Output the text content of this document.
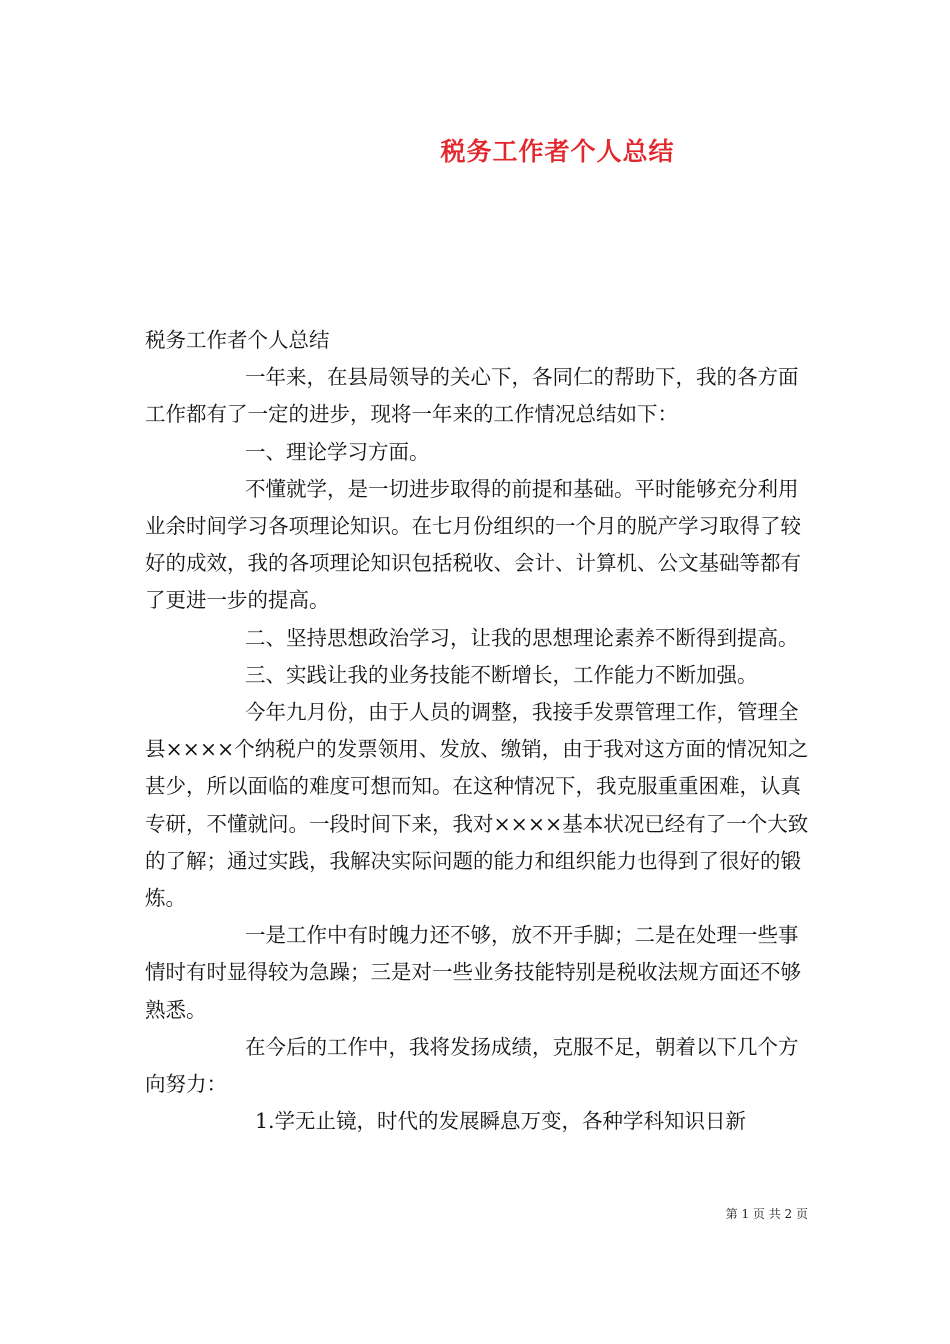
税务工作者个人总结

税务工作者个人总结

一年来，在县局领导的关心下，各同仁的帮助下，我的各方面工作都有了一定的进步，现将一年来的工作情况总结如下：

一、理论学习方面。

不懂就学，是一切进步取得的前提和基础。平时能够充分利用业余时间学习各项理论知识。在七月份组织的一个月的脱产学习取得了较好的成效，我的各项理论知识包括税收、会计、计算机、公文基础等都有了更进一步的提高。

二、坚持思想政治学习，让我的思想理论素养不断得到提高。

三、实践让我的业务技能不断增长，工作能力不断加强。

今年九月份，由于人员的调整，我接手发票管理工作，管理全县××××个纳税户的发票领用、发放、缴销，由于我对这方面的情况知之甚少，所以面临的难度可想而知。在这种情况下，我克服重重困难，认真专研，不懂就问。一段时间下来，我对××××基本状况已经有了一个大致的了解；通过实践，我解决实际问题的能力和组织能力也得到了很好的锻炼。

一是工作中有时魄力还不够，放不开手脚；二是在处理一些事情时有时显得较为急躁；三是对一些业务技能特别是税收法规方面还不够熟悉。

在今后的工作中，我将发扬成绩，克服不足，朝着以下几个方向努力：

1.学无止镜，时代的发展瞬息万变，各种学科知识日新

第 1 页 共 2 页
